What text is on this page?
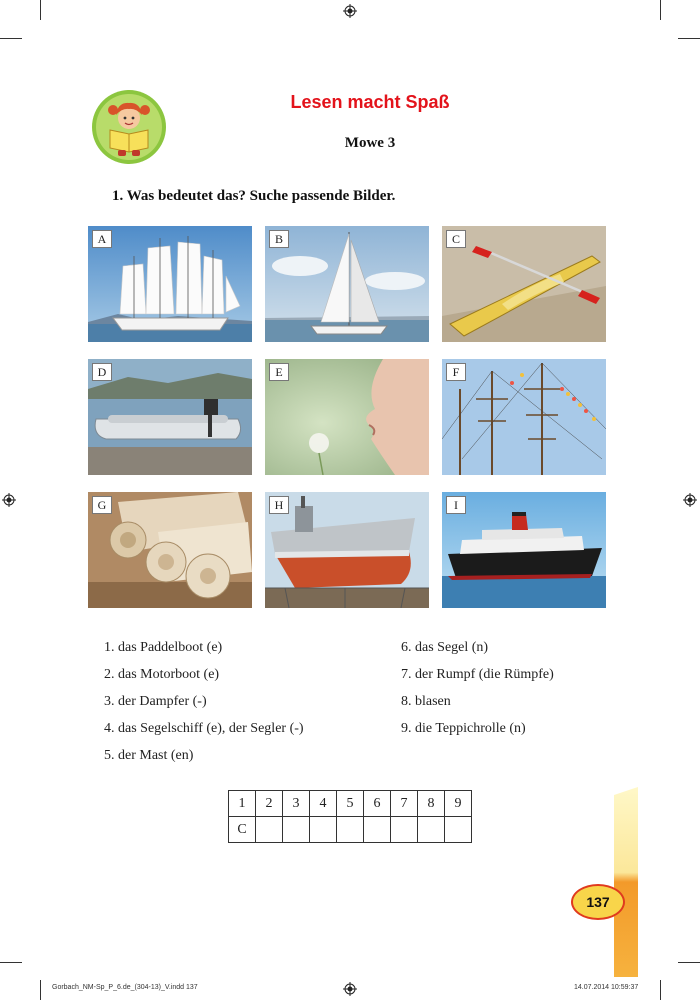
Lesen macht Spaß
Mowe 3
1. Was bedeutet das? Suche passende Bilder.
A	B	C
D	E	F
G	H	I
1. das Paddelboot (e)
2. das Motorboot (e)
3. der Dampfer (-)
4. das Segelschiff (e), der Segler (-)
5. der Mast (en)
6. das Segel (n)
7. der Rumpf (die Rümpfe)
8. blasen
9. die Teppichrolle (n)
1	2	3	4	5	6	7	8	9
C								
137
Gorbach_NM-Sp_P_6.de_(304-13)_V.indd 137	14.07.2014 10:59:37
